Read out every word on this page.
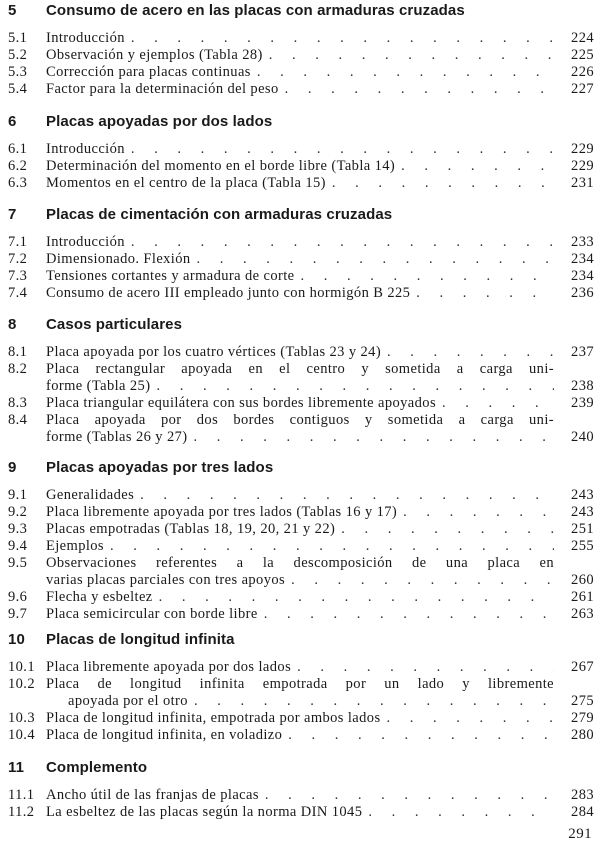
5	Consumo de acero en las placas con armaduras cruzadas
5.1	Introducción . . .	224
5.2	Observación y ejemplos (Tabla 28) . . .	225
5.3	Corrección para placas continuas . . .	226
5.4	Factor para la determinación del peso . . .	227
6	Placas apoyadas por dos lados
6.1	Introducción . . .	229
6.2	Determinación del momento en el borde libre (Tabla 14) . . .	229
6.3	Momentos en el centro de la placa (Tabla 15) . . .	231
7	Placas de cimentación con armaduras cruzadas
7.1	Introducción . . .	233
7.2	Dimensionado. Flexión . . .	234
7.3	Tensiones cortantes y armadura de corte . . .	234
7.4	Consumo de acero III empleado junto con hormigón B 225 . . .	236
8	Casos particulares
8.1	Placa apoyada por los cuatro vértices (Tablas 23 y 24) . . .	237
8.2	Placa rectangular apoyada en el centro y sometida a carga uni-
forme (Tabla 25) . . .	238
8.3	Placa triangular equilátera con sus bordes libremente apoyados . . .	239
8.4	Placa apoyada por dos bordes contiguos y sometida a carga uni-
forme (Tablas 26 y 27) . . .	240
9	Placas apoyadas por tres lados
9.1	Generalidades . . .	243
9.2	Placa libremente apoyada por tres lados (Tablas 16 y 17) . . .	243
9.3	Placas empotradas (Tablas 18, 19, 20, 21 y 22) . . .	251
9.4	Ejemplos . . .	255
9.5	Observaciones referentes a la descomposición de una placa en
varias placas parciales con tres apoyos . . .	260
9.6	Flecha y esbeltez . . .	261
9.7	Placa semicircular con borde libre . . .	263
10	Placas de longitud infinita
10.1 Placa libremente apoyada por dos lados . . .	267
10.2 Placa de longitud infinita empotrada por un lado y libremente
apoyada por el otro . . .	275
10.3 Placa de longitud infinita, empotrada por ambos lados . . .	279
10.4 Placa de longitud infinita, en voladizo . . .	280
11	Complemento
11.1 Ancho útil de las franjas de placas . . .	283
11.2 La esbeltez de las placas según la norma DIN 1045 . . .	284
291
